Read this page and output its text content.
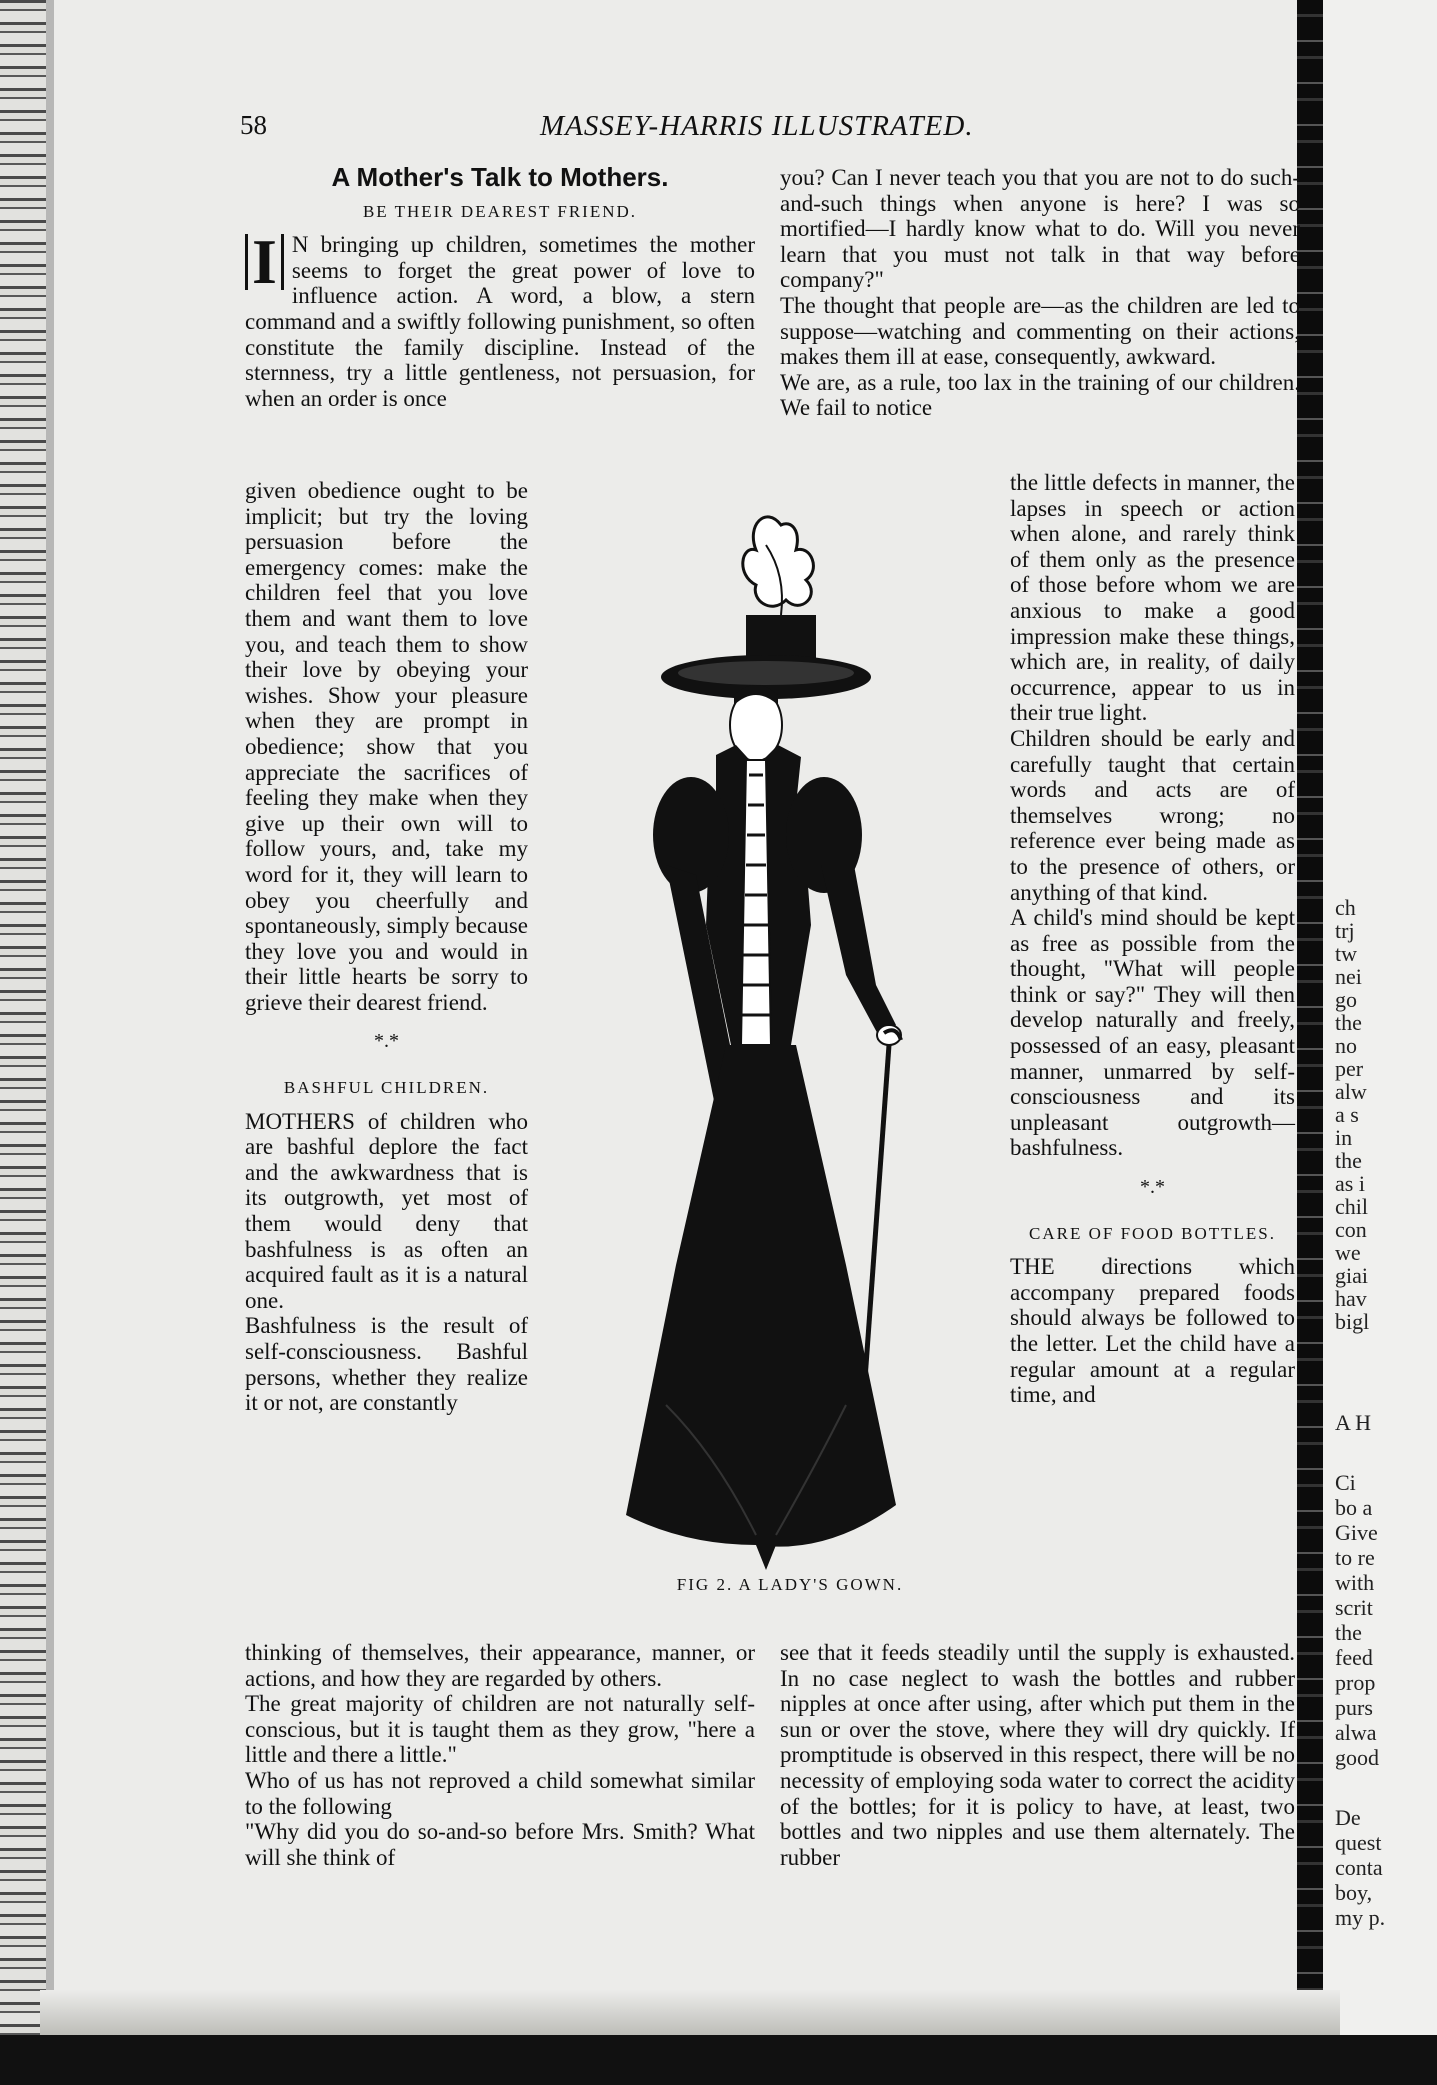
58	MASSEY-HARRIS ILLUSTRATED.
A Mother's Talk to Mothers.
BE THEIR DEAREST FRIEND.

I N bringing up children, sometimes the mother seems to forget the great power of love to influence action. A word, a blow, a stern command and a swiftly following punishment, so often constitute the family discipline. Instead of the sternness, try a little gentleness, not persuasion, for when an order is once

given obedience ought to be implicit; but try the loving persuasion before the emergency comes: make the children feel that you love them and want them to love you, and teach them to show their love by obeying your wishes. Show your pleasure when they are prompt in obedience; show that you appreciate the sacrifices of feeling they make when they give up their own will to follow yours, and, take my word for it, they will learn to obey you cheerfully and spontaneously, simply because they love you and would in their little hearts be sorry to grieve their dearest friend.

*.*
BASHFUL CHILDREN.

MOTHERS of children who are bashful deplore the fact and the awkwardness that is its outgrowth, yet most of them would deny that bashfulness is as often an acquired fault as it is a natural one.

Bashfulness is the result of self-consciousness. Bashful persons, whether they realize it or not, are constantly

thinking of themselves, their appearance, manner, or actions, and how they are regarded by others.

The great majority of children are not naturally self-conscious, but it is taught them as they grow, "here a little and there a little."

Who of us has not reproved a child somewhat similar to the following

"Why did you do so-and-so before Mrs. Smith? What will she think of

you? Can I never teach you that you are not to do such-and-such things when anyone is here? I was so mortified—I hardly know what to do. Will you never learn that you must not talk in that way before company?"

The thought that people are—as the children are led to suppose—watching and commenting on their actions, makes them ill at ease, consequently, awkward.

We are, as a rule, too lax in the training of our children. We fail to notice

the little defects in manner, the lapses in speech or action when alone, and rarely think of them only as the presence of those before whom we are anxious to make a good impression make these things, which are, in reality, of daily occurrence, appear to us in their true light.

Children should be early and carefully taught that certain words and acts are of themselves wrong; no reference ever being made as to the presence of others, or anything of that kind.

A child's mind should be kept as free as possible from the thought, "What will people think or say?" They will then develop naturally and freely, possessed of an easy, pleasant manner, unmarred by self-consciousness and its unpleasant outgrowth—bashfulness.

*.*
CARE OF FOOD BOTTLES.

THE directions which accompany prepared foods should always be followed to the letter. Let the child have a regular amount at a regular time, and

see that it feeds steadily until the supply is exhausted. In no case neglect to wash the bottles and rubber nipples at once after using, after which put them in the sun or over the stove, where they will dry quickly. If promptitude is observed in this respect, there will be no necessity of employing soda water to correct the acidity of the bottles; for it is policy to have, at least, two bottles and two nipples and use them alternately. The rubber

FIG 2. A LADY'S GOWN.
ch
trj
tw
nei
go
the
no
per
alw
a s
in
the
as i
chil
con
we
giai
hav
bigl
A H
Ci
bo a
Give
to re
with
scrit
the
feed
prop
purs
alwa
good
De
quest
conta
boy,
my p.
